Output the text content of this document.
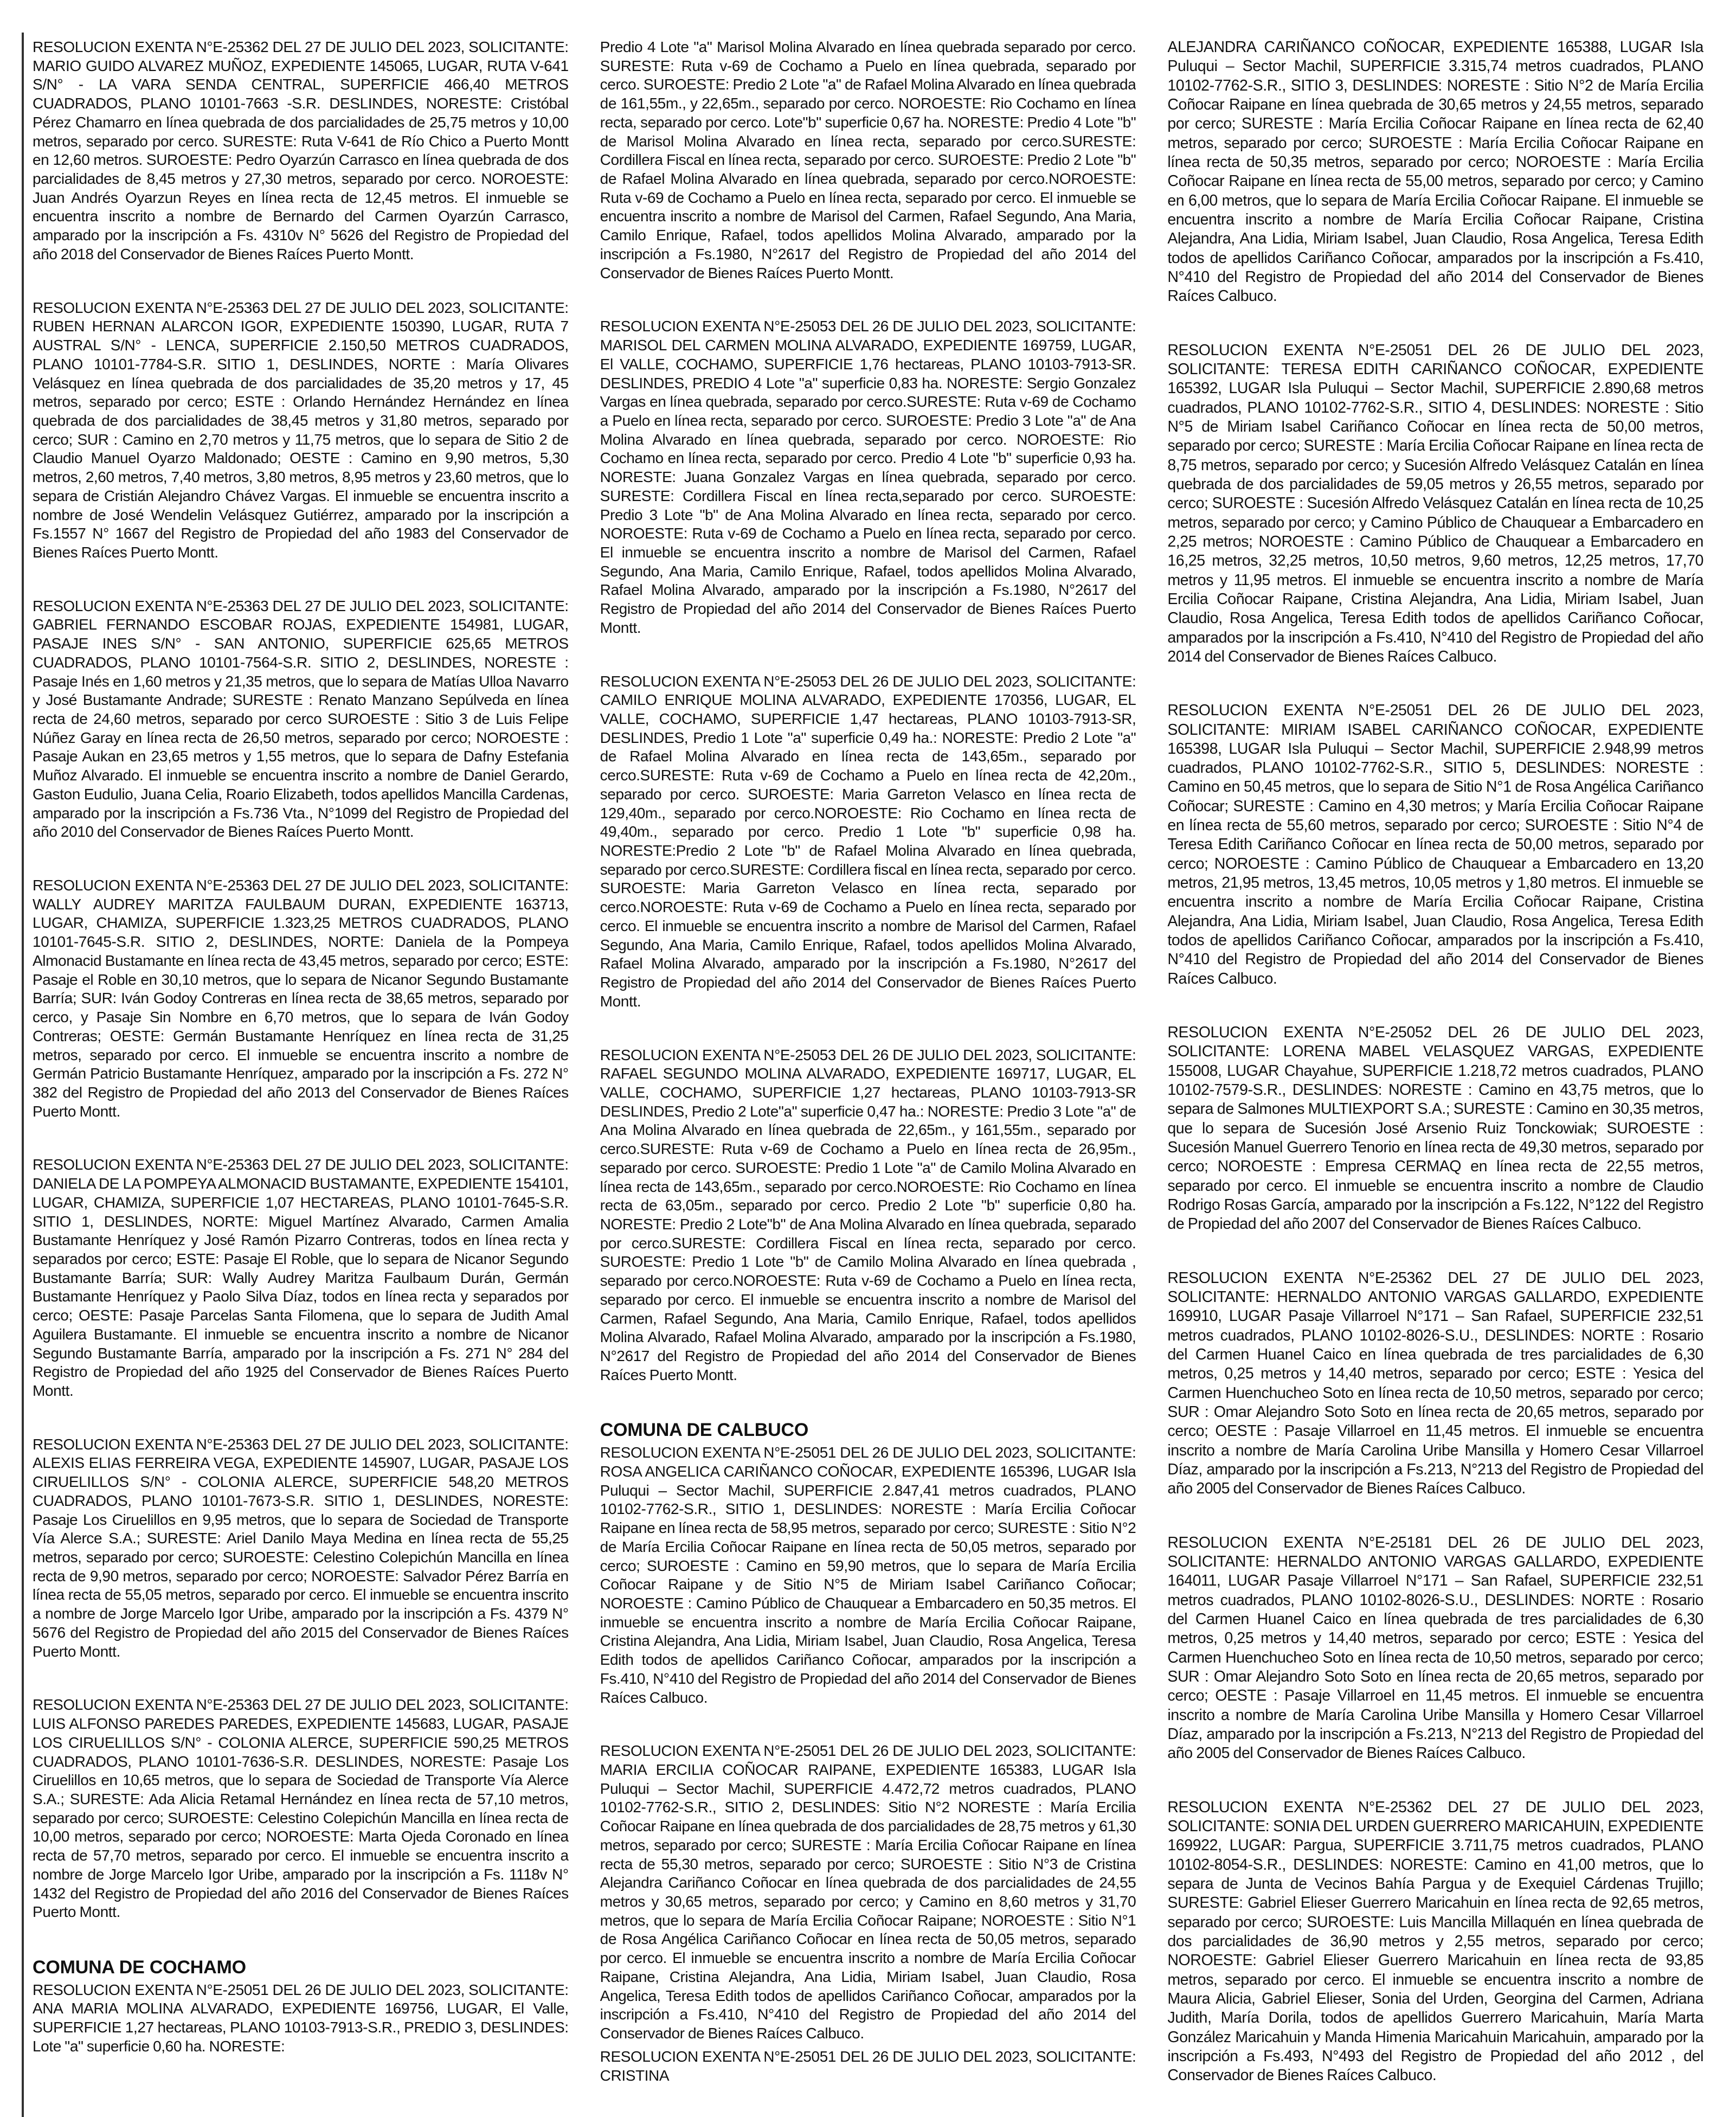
RESOLUCION EXENTA N°E-25362 DEL 27 DE JULIO DEL 2023, SOLICITANTE: MARIO GUIDO ALVAREZ MUÑOZ, EXPEDIENTE 145065, LUGAR, RUTA V-641 S/N° - LA VARA SENDA CENTRAL, SUPERFICIE 466,40 METROS CUADRADOS, PLANO 10101-7663 -S.R. DESLINDES, NORESTE: Cristóbal Pérez Chamarro en línea quebrada de dos parcialidades de 25,75 metros y 10,00 metros, separado por cerco. SURESTE: Ruta V-641 de Río Chico a Puerto Montt en 12,60 metros. SUROESTE: Pedro Oyarzún Carrasco en línea quebrada de dos parcialidades de 8,45 metros y 27,30 metros, separado por cerco. NOROESTE: Juan Andrés Oyarzun Reyes en línea recta de 12,45 metros. El inmueble se encuentra inscrito a nombre de Bernardo del Carmen Oyarzún Carrasco, amparado por la inscripción a Fs. 4310v N° 5626 del Registro de Propiedad del año 2018 del Conservador de Bienes Raíces Puerto Montt.

RESOLUCION EXENTA N°E-25363 DEL 27 DE JULIO DEL 2023, SOLICITANTE: RUBEN HERNAN ALARCON IGOR, EXPEDIENTE 150390, LUGAR, RUTA 7 AUSTRAL S/N° - LENCA, SUPERFICIE 2.150,50 METROS CUADRADOS, PLANO 10101-7784-S.R. SITIO 1, DESLINDES, NORTE : María Olivares Velásquez en línea quebrada de dos parcialidades de 35,20 metros y 17, 45 metros, separado por cerco; ESTE : Orlando Hernández Hernández en línea quebrada de dos parcialidades de 38,45 metros y 31,80 metros, separado por cerco; SUR : Camino en 2,70 metros y 11,75 metros, que lo separa de Sitio 2 de Claudio Manuel Oyarzo Maldonado; OESTE : Camino en 9,90 metros, 5,30 metros, 2,60 metros, 7,40 metros, 3,80 metros, 8,95 metros y 23,60 metros, que lo separa de Cristián Alejandro Chávez Vargas. El inmueble se encuentra inscrito a nombre de José Wendelin Velásquez Gutiérrez, amparado por la inscripción a Fs.1557 N° 1667 del Registro de Propiedad del año 1983 del Conservador de Bienes Raíces Puerto Montt.

RESOLUCION EXENTA N°E-25363 DEL 27 DE JULIO DEL 2023, SOLICITANTE: GABRIEL FERNANDO ESCOBAR ROJAS, EXPEDIENTE 154981, LUGAR, PASAJE INES S/N° - SAN ANTONIO, SUPERFICIE 625,65 METROS CUADRADOS, PLANO 10101-7564-S.R. SITIO 2, DESLINDES, NORESTE : Pasaje Inés en 1,60 metros y 21,35 metros, que lo separa de Matías Ulloa Navarro y José Bustamante Andrade; SURESTE : Renato Manzano Sepúlveda en línea recta de 24,60 metros, separado por cerco SUROESTE : Sitio 3 de Luis Felipe Núñez Garay en línea recta de 26,50 metros, separado por cerco; NOROESTE : Pasaje Aukan en 23,65 metros y 1,55 metros, que lo separa de Dafny Estefania Muñoz Alvarado. El inmueble se encuentra inscrito a nombre de Daniel Gerardo, Gaston Eudulio, Juana Celia, Roario Elizabeth, todos apellidos Mancilla Cardenas, amparado por la inscripción a Fs.736 Vta., N°1099 del Registro de Propiedad del año 2010 del Conservador de Bienes Raíces Puerto Montt.

RESOLUCION EXENTA N°E-25363 DEL 27 DE JULIO DEL 2023, SOLICITANTE: WALLY AUDREY MARITZA FAULBAUM DURAN, EXPEDIENTE 163713, LUGAR, CHAMIZA, SUPERFICIE 1.323,25 METROS CUADRADOS, PLANO 10101-7645-S.R. SITIO 2, DESLINDES, NORTE: Daniela de la Pompeya Almonacid Bustamante en línea recta de 43,45 metros, separado por cerco; ESTE: Pasaje el Roble en 30,10 metros, que lo separa de Nicanor Segundo Bustamante Barría; SUR: Iván Godoy Contreras en línea recta de 38,65 metros, separado por cerco, y Pasaje Sin Nombre en 6,70 metros, que lo separa de Iván Godoy Contreras; OESTE: Germán Bustamante Henríquez en línea recta de 31,25 metros, separado por cerco. El inmueble se encuentra inscrito a nombre de Germán Patricio Bustamante Henríquez, amparado por la inscripción a Fs. 272 N° 382 del Registro de Propiedad del año 2013 del Conservador de Bienes Raíces Puerto Montt.

RESOLUCION EXENTA N°E-25363 DEL 27 DE JULIO DEL 2023, SOLICITANTE: DANIELA DE LA POMPEYA ALMONACID BUSTAMANTE, EXPEDIENTE 154101, LUGAR, CHAMIZA, SUPERFICIE 1,07 HECTAREAS, PLANO 10101-7645-S.R. SITIO 1, DESLINDES, NORTE: Miguel Martínez Alvarado, Carmen Amalia Bustamante Henríquez y José Ramón Pizarro Contreras, todos en línea recta y separados por cerco; ESTE: Pasaje El Roble, que lo separa de Nicanor Segundo Bustamante Barría; SUR: Wally Audrey Maritza Faulbaum Durán, Germán Bustamante Henríquez y Paolo Silva Díaz, todos en línea recta y separados por cerco; OESTE: Pasaje Parcelas Santa Filomena, que lo separa de Judith Amal Aguilera Bustamante. El inmueble se encuentra inscrito a nombre de Nicanor Segundo Bustamante Barría, amparado por la inscripción a Fs. 271 N° 284 del Registro de Propiedad del año 1925 del Conservador de Bienes Raíces Puerto Montt.

RESOLUCION EXENTA N°E-25363 DEL 27 DE JULIO DEL 2023, SOLICITANTE: ALEXIS ELIAS FERREIRA VEGA, EXPEDIENTE 145907, LUGAR, PASAJE LOS CIRUELILLOS S/N° - COLONIA ALERCE, SUPERFICIE 548,20 METROS CUADRADOS, PLANO 10101-7673-S.R. SITIO 1, DESLINDES, NORESTE: Pasaje Los Ciruelillos en 9,95 metros, que lo separa de Sociedad de Transporte Vía Alerce S.A.; SURESTE: Ariel Danilo Maya Medina en línea recta de 55,25 metros, separado por cerco; SUROESTE: Celestino Colepichún Mancilla en línea recta de 9,90 metros, separado por cerco; NOROESTE: Salvador Pérez Barría en línea recta de 55,05 metros, separado por cerco. El inmueble se encuentra inscrito a nombre de Jorge Marcelo Igor Uribe, amparado por la inscripción a Fs. 4379 N° 5676 del Registro de Propiedad del año 2015 del Conservador de Bienes Raíces Puerto Montt.

RESOLUCION EXENTA N°E-25363 DEL 27 DE JULIO DEL 2023, SOLICITANTE: LUIS ALFONSO PAREDES PAREDES, EXPEDIENTE 145683, LUGAR, PASAJE LOS CIRUELILLOS S/N° - COLONIA ALERCE, SUPERFICIE 590,25 METROS CUADRADOS, PLANO 10101-7636-S.R. DESLINDES, NORESTE: Pasaje Los Ciruelillos en 10,65 metros, que lo separa de Sociedad de Transporte Vía Alerce S.A.; SURESTE: Ada Alicia Retamal Hernández en línea recta de 57,10 metros, separado por cerco; SUROESTE: Celestino Colepichún Mancilla en línea recta de 10,00 metros, separado por cerco; NOROESTE: Marta Ojeda Coronado en línea recta de 57,70 metros, separado por cerco. El inmueble se encuentra inscrito a nombre de Jorge Marcelo Igor Uribe, amparado por la inscripción a Fs. 1118v N° 1432 del Registro de Propiedad del año 2016 del Conservador de Bienes Raíces Puerto Montt.

COMUNA DE COCHAMO

RESOLUCION EXENTA N°E-25051 DEL 26 DE JULIO DEL 2023, SOLICITANTE: ANA MARIA MOLINA ALVARADO, EXPEDIENTE 169756, LUGAR, El Valle, SUPERFICIE 1,27 hectareas, PLANO 10103-7913-S.R., PREDIO 3, DESLINDES: Lote "a" superficie 0,60 ha. NORESTE:

Predio 4 Lote "a" Marisol Molina Alvarado en línea quebrada separado por cerco. SURESTE: Ruta v-69 de Cochamo a Puelo en línea quebrada, separado por cerco. SUROESTE: Predio 2 Lote "a" de Rafael Molina Alvarado en línea quebrada de 161,55m., y 22,65m., separado por cerco. NOROESTE: Rio Cochamo en línea recta, separado por cerco. Lote"b" superficie 0,67 ha. NORESTE: Predio 4 Lote "b" de Marisol Molina Alvarado en línea recta, separado por cerco.SURESTE: Cordillera Fiscal en línea recta, separado por cerco. SUROESTE: Predio 2 Lote "b" de Rafael Molina Alvarado en línea quebrada, separado por cerco.NOROESTE: Ruta v-69 de Cochamo a Puelo en línea recta, separado por cerco. El inmueble se encuentra inscrito a nombre de Marisol del Carmen, Rafael Segundo, Ana Maria, Camilo Enrique, Rafael, todos apellidos Molina Alvarado, amparado por la inscripción a Fs.1980, N°2617 del Registro de Propiedad del año 2014 del Conservador de Bienes Raíces Puerto Montt.

RESOLUCION EXENTA N°E-25053 DEL 26 DE JULIO DEL 2023, SOLICITANTE: MARISOL DEL CARMEN MOLINA ALVARADO, EXPEDIENTE 169759, LUGAR, El VALLE, COCHAMO, SUPERFICIE 1,76 hectareas, PLANO 10103-7913-SR. DESLINDES, PREDIO 4 Lote "a" superficie 0,83 ha. NORESTE: Sergio Gonzalez Vargas en línea quebrada, separado por cerco.SURESTE: Ruta v-69 de Cochamo a Puelo en línea recta, separado por cerco. SUROESTE: Predio 3 Lote "a" de Ana Molina Alvarado en línea quebrada, separado por cerco. NOROESTE: Rio Cochamo en línea recta, separado por cerco. Predio 4 Lote "b" superficie 0,93 ha. NORESTE: Juana Gonzalez Vargas en línea quebrada, separado por cerco. SURESTE: Cordillera Fiscal en línea recta,separado por cerco. SUROESTE: Predio 3 Lote "b" de Ana Molina Alvarado en línea recta, separado por cerco. NOROESTE: Ruta v-69 de Cochamo a Puelo en línea recta, separado por cerco. El inmueble se encuentra inscrito a nombre de Marisol del Carmen, Rafael Segundo, Ana Maria, Camilo Enrique, Rafael, todos apellidos Molina Alvarado, Rafael Molina Alvarado, amparado por la inscripción a Fs.1980, N°2617 del Registro de Propiedad del año 2014 del Conservador de Bienes Raíces Puerto Montt.

RESOLUCION EXENTA N°E-25053 DEL 26 DE JULIO DEL 2023, SOLICITANTE: CAMILO ENRIQUE MOLINA ALVARADO, EXPEDIENTE 170356, LUGAR, EL VALLE, COCHAMO, SUPERFICIE 1,47 hectareas, PLANO 10103-7913-SR, DESLINDES, Predio 1 Lote "a" superficie 0,49 ha.: NORESTE: Predio 2 Lote "a" de Rafael Molina Alvarado en línea recta de 143,65m., separado por cerco.SURESTE: Ruta v-69 de Cochamo a Puelo en línea recta de 42,20m., separado por cerco. SUROESTE: Maria Garreton Velasco en línea recta de 129,40m., separado por cerco.NOROESTE: Rio Cochamo en línea recta de 49,40m., separado por cerco. Predio 1 Lote "b" superficie 0,98 ha. NORESTE:Predio 2 Lote "b" de Rafael Molina Alvarado en línea quebrada, separado por cerco.SURESTE: Cordillera fiscal en línea recta, separado por cerco. SUROESTE: Maria Garreton Velasco en línea recta, separado por cerco.NOROESTE: Ruta v-69 de Cochamo a Puelo en línea recta, separado por cerco. El inmueble se encuentra inscrito a nombre de Marisol del Carmen, Rafael Segundo, Ana Maria, Camilo Enrique, Rafael, todos apellidos Molina Alvarado, Rafael Molina Alvarado, amparado por la inscripción a Fs.1980, N°2617 del Registro de Propiedad del año 2014 del Conservador de Bienes Raíces Puerto Montt.

RESOLUCION EXENTA N°E-25053 DEL 26 DE JULIO DEL 2023, SOLICITANTE: RAFAEL SEGUNDO MOLINA ALVARADO, EXPEDIENTE 169717, LUGAR, EL VALLE, COCHAMO, SUPERFICIE 1,27 hectareas, PLANO 10103-7913-SR DESLINDES, Predio 2 Lote"a" superficie 0,47 ha.: NORESTE: Predio 3 Lote "a" de Ana Molina Alvarado en línea quebrada de 22,65m., y 161,55m., separado por cerco.SURESTE: Ruta v-69 de Cochamo a Puelo en línea recta de 26,95m., separado por cerco. SUROESTE: Predio 1 Lote "a" de Camilo Molina Alvarado en línea recta de 143,65m., separado por cerco.NOROESTE: Rio Cochamo en línea recta de 63,05m., separado por cerco. Predio 2 Lote "b" superficie 0,80 ha. NORESTE: Predio 2 Lote"b" de Ana Molina Alvarado en línea quebrada, separado por cerco.SURESTE: Cordillera Fiscal en línea recta, separado por cerco. SUROESTE: Predio 1 Lote "b" de Camilo Molina Alvarado en línea quebrada , separado por cerco.NOROESTE: Ruta v-69 de Cochamo a Puelo en línea recta, separado por cerco. El inmueble se encuentra inscrito a nombre de Marisol del Carmen, Rafael Segundo, Ana Maria, Camilo Enrique, Rafael, todos apellidos Molina Alvarado, Rafael Molina Alvarado, amparado por la inscripción a Fs.1980, N°2617 del Registro de Propiedad del año 2014 del Conservador de Bienes Raíces Puerto Montt.

COMUNA DE CALBUCO

RESOLUCION EXENTA N°E-25051 DEL 26 DE JULIO DEL 2023, SOLICITANTE: ROSA ANGELICA CARIÑANCO COÑOCAR, EXPEDIENTE 165396, LUGAR Isla Puluqui – Sector Machil, SUPERFICIE 2.847,41 metros cuadrados, PLANO 10102-7762-S.R., SITIO 1, DESLINDES: NORESTE : María Ercilia Coñocar Raipane en línea recta de 58,95 metros, separado por cerco; SURESTE : Sitio N°2 de María Ercilia Coñocar Raipane en línea recta de 50,05 metros, separado por cerco; SUROESTE : Camino en 59,90 metros, que lo separa de María Ercilia Coñocar Raipane y de Sitio N°5 de Miriam Isabel Cariñanco Coñocar; NOROESTE : Camino Público de Chauquear a Embarcadero en 50,35 metros. El inmueble se encuentra inscrito a nombre de María Ercilia Coñocar Raipane, Cristina Alejandra, Ana Lidia, Miriam Isabel, Juan Claudio, Rosa Angelica, Teresa Edith todos de apellidos Cariñanco Coñocar, amparados por la inscripción a Fs.410, N°410 del Registro de Propiedad del año 2014 del Conservador de Bienes Raíces Calbuco.

RESOLUCION EXENTA N°E-25051 DEL 26 DE JULIO DEL 2023, SOLICITANTE: MARIA ERCILIA COÑOCAR RAIPANE, EXPEDIENTE 165383, LUGAR Isla Puluqui – Sector Machil, SUPERFICIE 4.472,72 metros cuadrados, PLANO 10102-7762-S.R., SITIO 2, DESLINDES: Sitio N°2 NORESTE : María Ercilia Coñocar Raipane en línea quebrada de dos parcialidades de 28,75 metros y 61,30 metros, separado por cerco; SURESTE : María Ercilia Coñocar Raipane en línea recta de 55,30 metros, separado por cerco; SUROESTE : Sitio N°3 de Cristina Alejandra Cariñanco Coñocar en línea quebrada de dos parcialidades de 24,55 metros y 30,65 metros, separado por cerco; y Camino en 8,60 metros y 31,70 metros, que lo separa de María Ercilia Coñocar Raipane; NOROESTE : Sitio N°1 de Rosa Angélica Cariñanco Coñocar en línea recta de 50,05 metros, separado por cerco. El inmueble se encuentra inscrito a nombre de María Ercilia Coñocar Raipane, Cristina Alejandra, Ana Lidia, Miriam Isabel, Juan Claudio, Rosa Angelica, Teresa Edith todos de apellidos Cariñanco Coñocar, amparados por la inscripción a Fs.410, N°410 del Registro de Propiedad del año 2014 del Conservador de Bienes Raíces Calbuco.

RESOLUCION EXENTA N°E-25051 DEL 26 DE JULIO DEL 2023, SOLICITANTE: CRISTINA

ALEJANDRA CARIÑANCO COÑOCAR, EXPEDIENTE 165388, LUGAR Isla Puluqui – Sector Machil, SUPERFICIE 3.315,74 metros cuadrados, PLANO 10102-7762-S.R., SITIO 3, DESLINDES: NORESTE : Sitio N°2 de María Ercilia Coñocar Raipane en línea quebrada de 30,65 metros y 24,55 metros, separado por cerco; SURESTE : María Ercilia Coñocar Raipane en línea recta de 62,40 metros, separado por cerco; SUROESTE : María Ercilia Coñocar Raipane en línea recta de 50,35 metros, separado por cerco; NOROESTE : María Ercilia Coñocar Raipane en línea recta de 55,00 metros, separado por cerco; y Camino en 6,00 metros, que lo separa de María Ercilia Coñocar Raipane. El inmueble se encuentra inscrito a nombre de María Ercilia Coñocar Raipane, Cristina Alejandra, Ana Lidia, Miriam Isabel, Juan Claudio, Rosa Angelica, Teresa Edith todos de apellidos Cariñanco Coñocar, amparados por la inscripción a Fs.410, N°410 del Registro de Propiedad del año 2014 del Conservador de Bienes Raíces Calbuco.

RESOLUCION EXENTA N°E-25051 DEL 26 DE JULIO DEL 2023, SOLICITANTE: TERESA EDITH CARIÑANCO COÑOCAR, EXPEDIENTE 165392, LUGAR Isla Puluqui – Sector Machil, SUPERFICIE 2.890,68 metros cuadrados, PLANO 10102-7762-S.R., SITIO 4, DESLINDES: NORESTE : Sitio N°5 de Miriam Isabel Cariñanco Coñocar en línea recta de 50,00 metros, separado por cerco; SURESTE : María Ercilia Coñocar Raipane en línea recta de 8,75 metros, separado por cerco; y Sucesión Alfredo Velásquez Catalán en línea quebrada de dos parcialidades de 59,05 metros y 26,55 metros, separado por cerco; SUROESTE : Sucesión Alfredo Velásquez Catalán en línea recta de 10,25 metros, separado por cerco; y Camino Público de Chauquear a Embarcadero en 2,25 metros; NOROESTE : Camino Público de Chauquear a Embarcadero en 16,25 metros, 32,25 metros, 10,50 metros, 9,60 metros, 12,25 metros, 17,70 metros y 11,95 metros. El inmueble se encuentra inscrito a nombre de María Ercilia Coñocar Raipane, Cristina Alejandra, Ana Lidia, Miriam Isabel, Juan Claudio, Rosa Angelica, Teresa Edith todos de apellidos Cariñanco Coñocar, amparados por la inscripción a Fs.410, N°410 del Registro de Propiedad del año 2014 del Conservador de Bienes Raíces Calbuco.

RESOLUCION EXENTA N°E-25051 DEL 26 DE JULIO DEL 2023, SOLICITANTE: MIRIAM ISABEL CARIÑANCO COÑOCAR, EXPEDIENTE 165398, LUGAR Isla Puluqui – Sector Machil, SUPERFICIE 2.948,99 metros cuadrados, PLANO 10102-7762-S.R., SITIO 5, DESLINDES: NORESTE : Camino en 50,45 metros, que lo separa de Sitio N°1 de Rosa Angélica Cariñanco Coñocar; SURESTE : Camino en 4,30 metros; y María Ercilia Coñocar Raipane en línea recta de 55,60 metros, separado por cerco; SUROESTE : Sitio N°4 de Teresa Edith Cariñanco Coñocar en línea recta de 50,00 metros, separado por cerco; NOROESTE : Camino Público de Chauquear a Embarcadero en 13,20 metros, 21,95 metros, 13,45 metros, 10,05 metros y 1,80 metros. El inmueble se encuentra inscrito a nombre de María Ercilia Coñocar Raipane, Cristina Alejandra, Ana Lidia, Miriam Isabel, Juan Claudio, Rosa Angelica, Teresa Edith todos de apellidos Cariñanco Coñocar, amparados por la inscripción a Fs.410, N°410 del Registro de Propiedad del año 2014 del Conservador de Bienes Raíces Calbuco.

RESOLUCION EXENTA N°E-25052 DEL 26 DE JULIO DEL 2023, SOLICITANTE: LORENA MABEL VELASQUEZ VARGAS, EXPEDIENTE 155008, LUGAR Chayahue, SUPERFICIE 1.218,72 metros cuadrados, PLANO 10102-7579-S.R., DESLINDES: NORESTE : Camino en 43,75 metros, que lo separa de Salmones MULTIEXPORT S.A.; SURESTE : Camino en 30,35 metros, que lo separa de Sucesión José Arsenio Ruiz Tonckowiak; SUROESTE : Sucesión Manuel Guerrero Tenorio en línea recta de 49,30 metros, separado por cerco; NOROESTE : Empresa CERMAQ en línea recta de 22,55 metros, separado por cerco. El inmueble se encuentra inscrito a nombre de Claudio Rodrigo Rosas García, amparado por la inscripción a Fs.122, N°122 del Registro de Propiedad del año 2007 del Conservador de Bienes Raíces Calbuco.

RESOLUCION EXENTA N°E-25362 DEL 27 DE JULIO DEL 2023, SOLICITANTE: HERNALDO ANTONIO VARGAS GALLARDO, EXPEDIENTE 169910, LUGAR Pasaje Villarroel N°171 – San Rafael, SUPERFICIE 232,51 metros cuadrados, PLANO 10102-8026-S.U., DESLINDES: NORTE : Rosario del Carmen Huanel Caico en línea quebrada de tres parcialidades de 6,30 metros, 0,25 metros y 14,40 metros, separado por cerco; ESTE : Yesica del Carmen Huenchucheo Soto en línea recta de 10,50 metros, separado por cerco; SUR : Omar Alejandro Soto Soto en línea recta de 20,65 metros, separado por cerco; OESTE : Pasaje Villarroel en 11,45 metros. El inmueble se encuentra inscrito a nombre de María Carolina Uribe Mansilla y Homero Cesar Villarroel Díaz, amparado por la inscripción a Fs.213, N°213 del Registro de Propiedad del año 2005 del Conservador de Bienes Raíces Calbuco.

RESOLUCION EXENTA N°E-25181 DEL 26 DE JULIO DEL 2023, SOLICITANTE: HERNALDO ANTONIO VARGAS GALLARDO, EXPEDIENTE 164011, LUGAR Pasaje Villarroel N°171 – San Rafael, SUPERFICIE 232,51 metros cuadrados, PLANO 10102-8026-S.U., DESLINDES: NORTE : Rosario del Carmen Huanel Caico en línea quebrada de tres parcialidades de 6,30 metros, 0,25 metros y 14,40 metros, separado por cerco; ESTE : Yesica del Carmen Huenchucheo Soto en línea recta de 10,50 metros, separado por cerco; SUR : Omar Alejandro Soto Soto en línea recta de 20,65 metros, separado por cerco; OESTE : Pasaje Villarroel en 11,45 metros. El inmueble se encuentra inscrito a nombre de María Carolina Uribe Mansilla y Homero Cesar Villarroel Díaz, amparado por la inscripción a Fs.213, N°213 del Registro de Propiedad del año 2005 del Conservador de Bienes Raíces Calbuco.

RESOLUCION EXENTA N°E-25362 DEL 27 DE JULIO DEL 2023, SOLICITANTE: SONIA DEL URDEN GUERRERO MARICAHUIN, EXPEDIENTE 169922, LUGAR: Pargua, SUPERFICIE 3.711,75 metros cuadrados, PLANO 10102-8054-S.R., DESLINDES: NORESTE: Camino en 41,00 metros, que lo separa de Junta de Vecinos Bahía Pargua y de Exequiel Cárdenas Trujillo; SURESTE: Gabriel Elieser Guerrero Maricahuin en línea recta de 92,65 metros, separado por cerco; SUROESTE: Luis Mancilla Millaquén en línea quebrada de dos parcialidades de 36,90 metros y 2,55 metros, separado por cerco; NOROESTE: Gabriel Elieser Guerrero Maricahuin en línea recta de 93,85 metros, separado por cerco. El inmueble se encuentra inscrito a nombre de Maura Alicia, Gabriel Elieser, Sonia del Urden, Georgina del Carmen, Adriana Judith, María Dorila, todos de apellidos Guerrero Maricahuin, María Marta González Maricahuin y Manda Himenia Maricahuin Maricahuin, amparado por la inscripción a Fs.493, N°493 del Registro de Propiedad del año 2012 , del Conservador de Bienes Raíces Calbuco.
